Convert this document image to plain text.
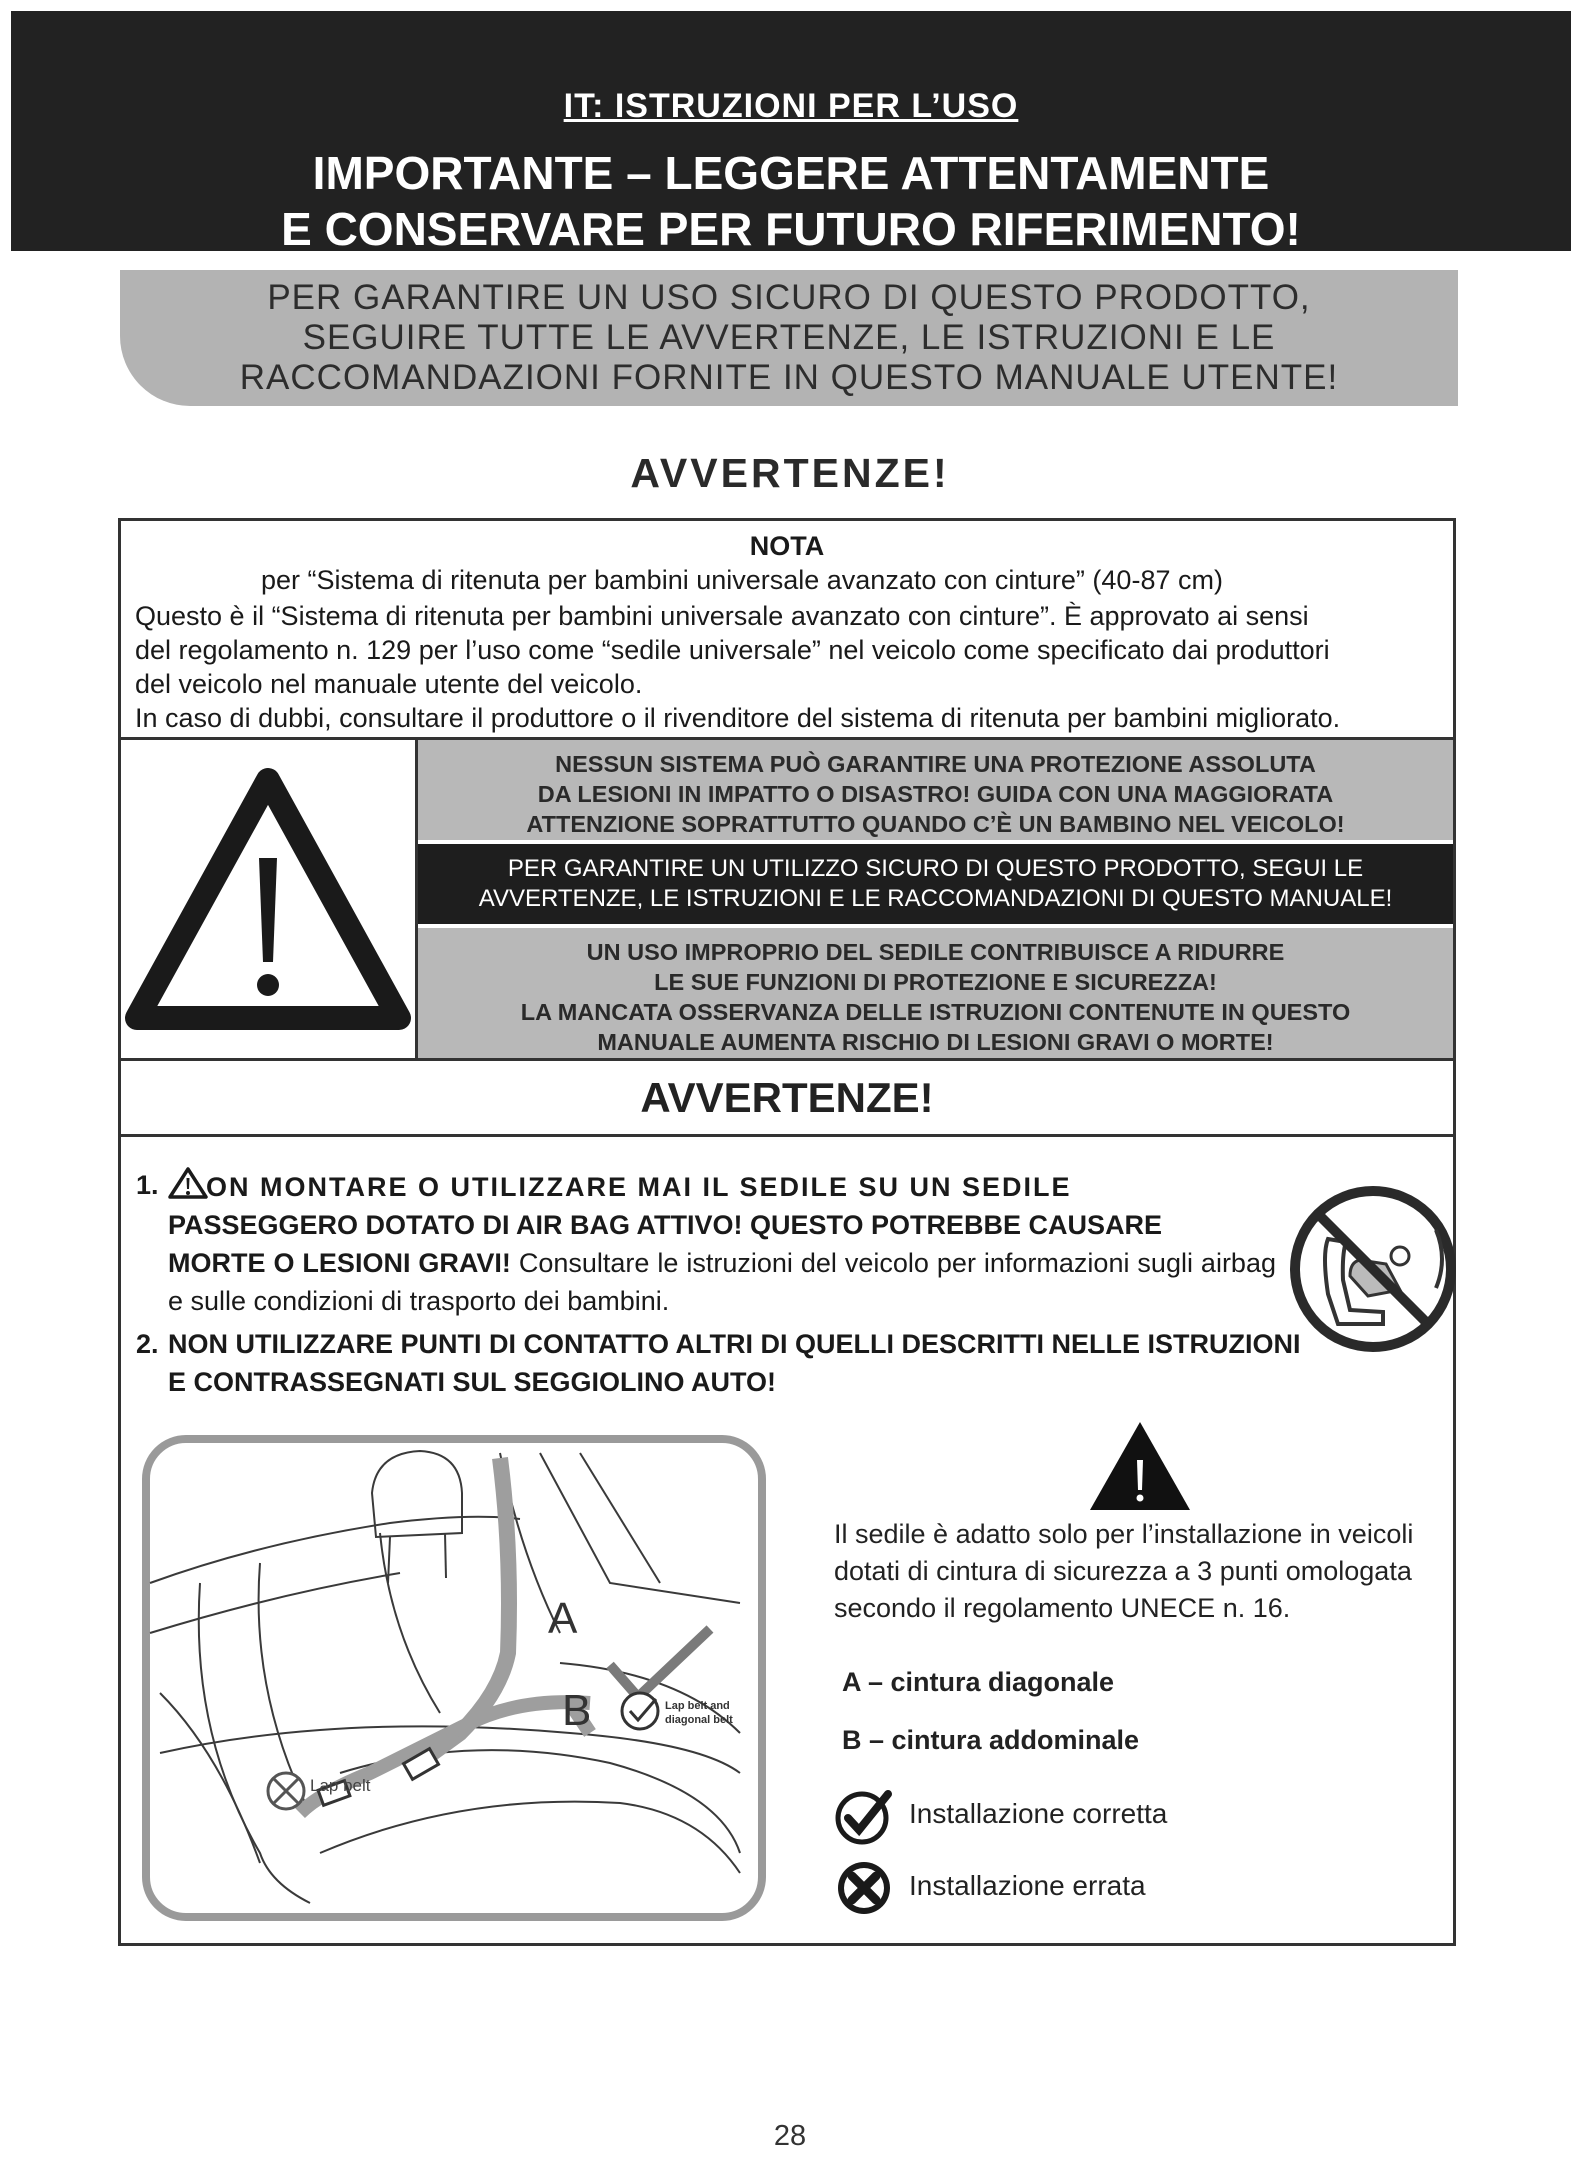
IT: ISTRUZIONI PER L’USO
IMPORTANTE – LEGGERE ATTENTAMENTE
E CONSERVARE PER FUTURO RIFERIMENTO!
PER GARANTIRE UN USO SICURO DI QUESTO PRODOTTO,
SEGUIRE TUTTE LE AVVERTENZE, LE ISTRUZIONI E LE
RACCOMANDAZIONI FORNITE IN QUESTO MANUALE UTENTE!
AVVERTENZE!
NOTA
per “Sistema di ritenuta per bambini universale avanzato con cinture” (40-87 cm)
Questo è il “Sistema di ritenuta per bambini universale avanzato con cinture”. È approvato ai sensi
del regolamento n. 129 per l’uso come “sedile universale” nel veicolo come specificato dai produttori
del veicolo nel manuale utente del veicolo.
In caso di dubbi, consultare il produttore o il rivenditore del sistema di ritenuta per bambini migliorato.
NESSUN SISTEMA PUÒ GARANTIRE UNA PROTEZIONE ASSOLUTA
DA LESIONI IN IMPATTO O DISASTRO! GUIDA CON UNA MAGGIORATA
ATTENZIONE SOPRATTUTTO QUANDO C’È UN BAMBINO NEL VEICOLO!
PER GARANTIRE UN UTILIZZO SICURO DI QUESTO PRODOTTO, SEGUI LE
AVVERTENZE, LE ISTRUZIONI E LE RACCOMANDAZIONI DI QUESTO MANUALE!
UN USO IMPROPRIO DEL SEDILE CONTRIBUISCE A RIDURRE
LE SUE FUNZIONI DI PROTEZIONE E SICUREZZA!
LA MANCATA OSSERVANZA DELLE ISTRUZIONI CONTENUTE IN QUESTO
MANUALE AUMENTA RISCHIO DI LESIONI GRAVI O MORTE!
AVVERTENZE!
1.	ON MONTARE O UTILIZZARE MAI IL SEDILE SU UN SEDILE
PASSEGGERO DOTATO DI AIR BAG ATTIVO! QUESTO POTREBBE CAUSARE
MORTE O LESIONI GRAVI! Consultare le istruzioni del veicolo per informazioni sugli airbag e sulle condizioni di trasporto dei bambini.
2. NON UTILIZZARE PUNTI DI CONTATTO ALTRI DI QUELLI DESCRITTI NELLE ISTRUZIONI E CONTRASSEGNATI SUL SEGGIOLINO AUTO!
A
B	Lap belt and
diagonal belt
Lap belt
Il sedile è adatto solo per l’installazione in veicoli
dotati di cintura di sicurezza a 3 punti omologata
secondo il regolamento UNECE n. 16.
A – cintura diagonale
B – cintura addominale
Installazione corretta
Installazione errata
28
